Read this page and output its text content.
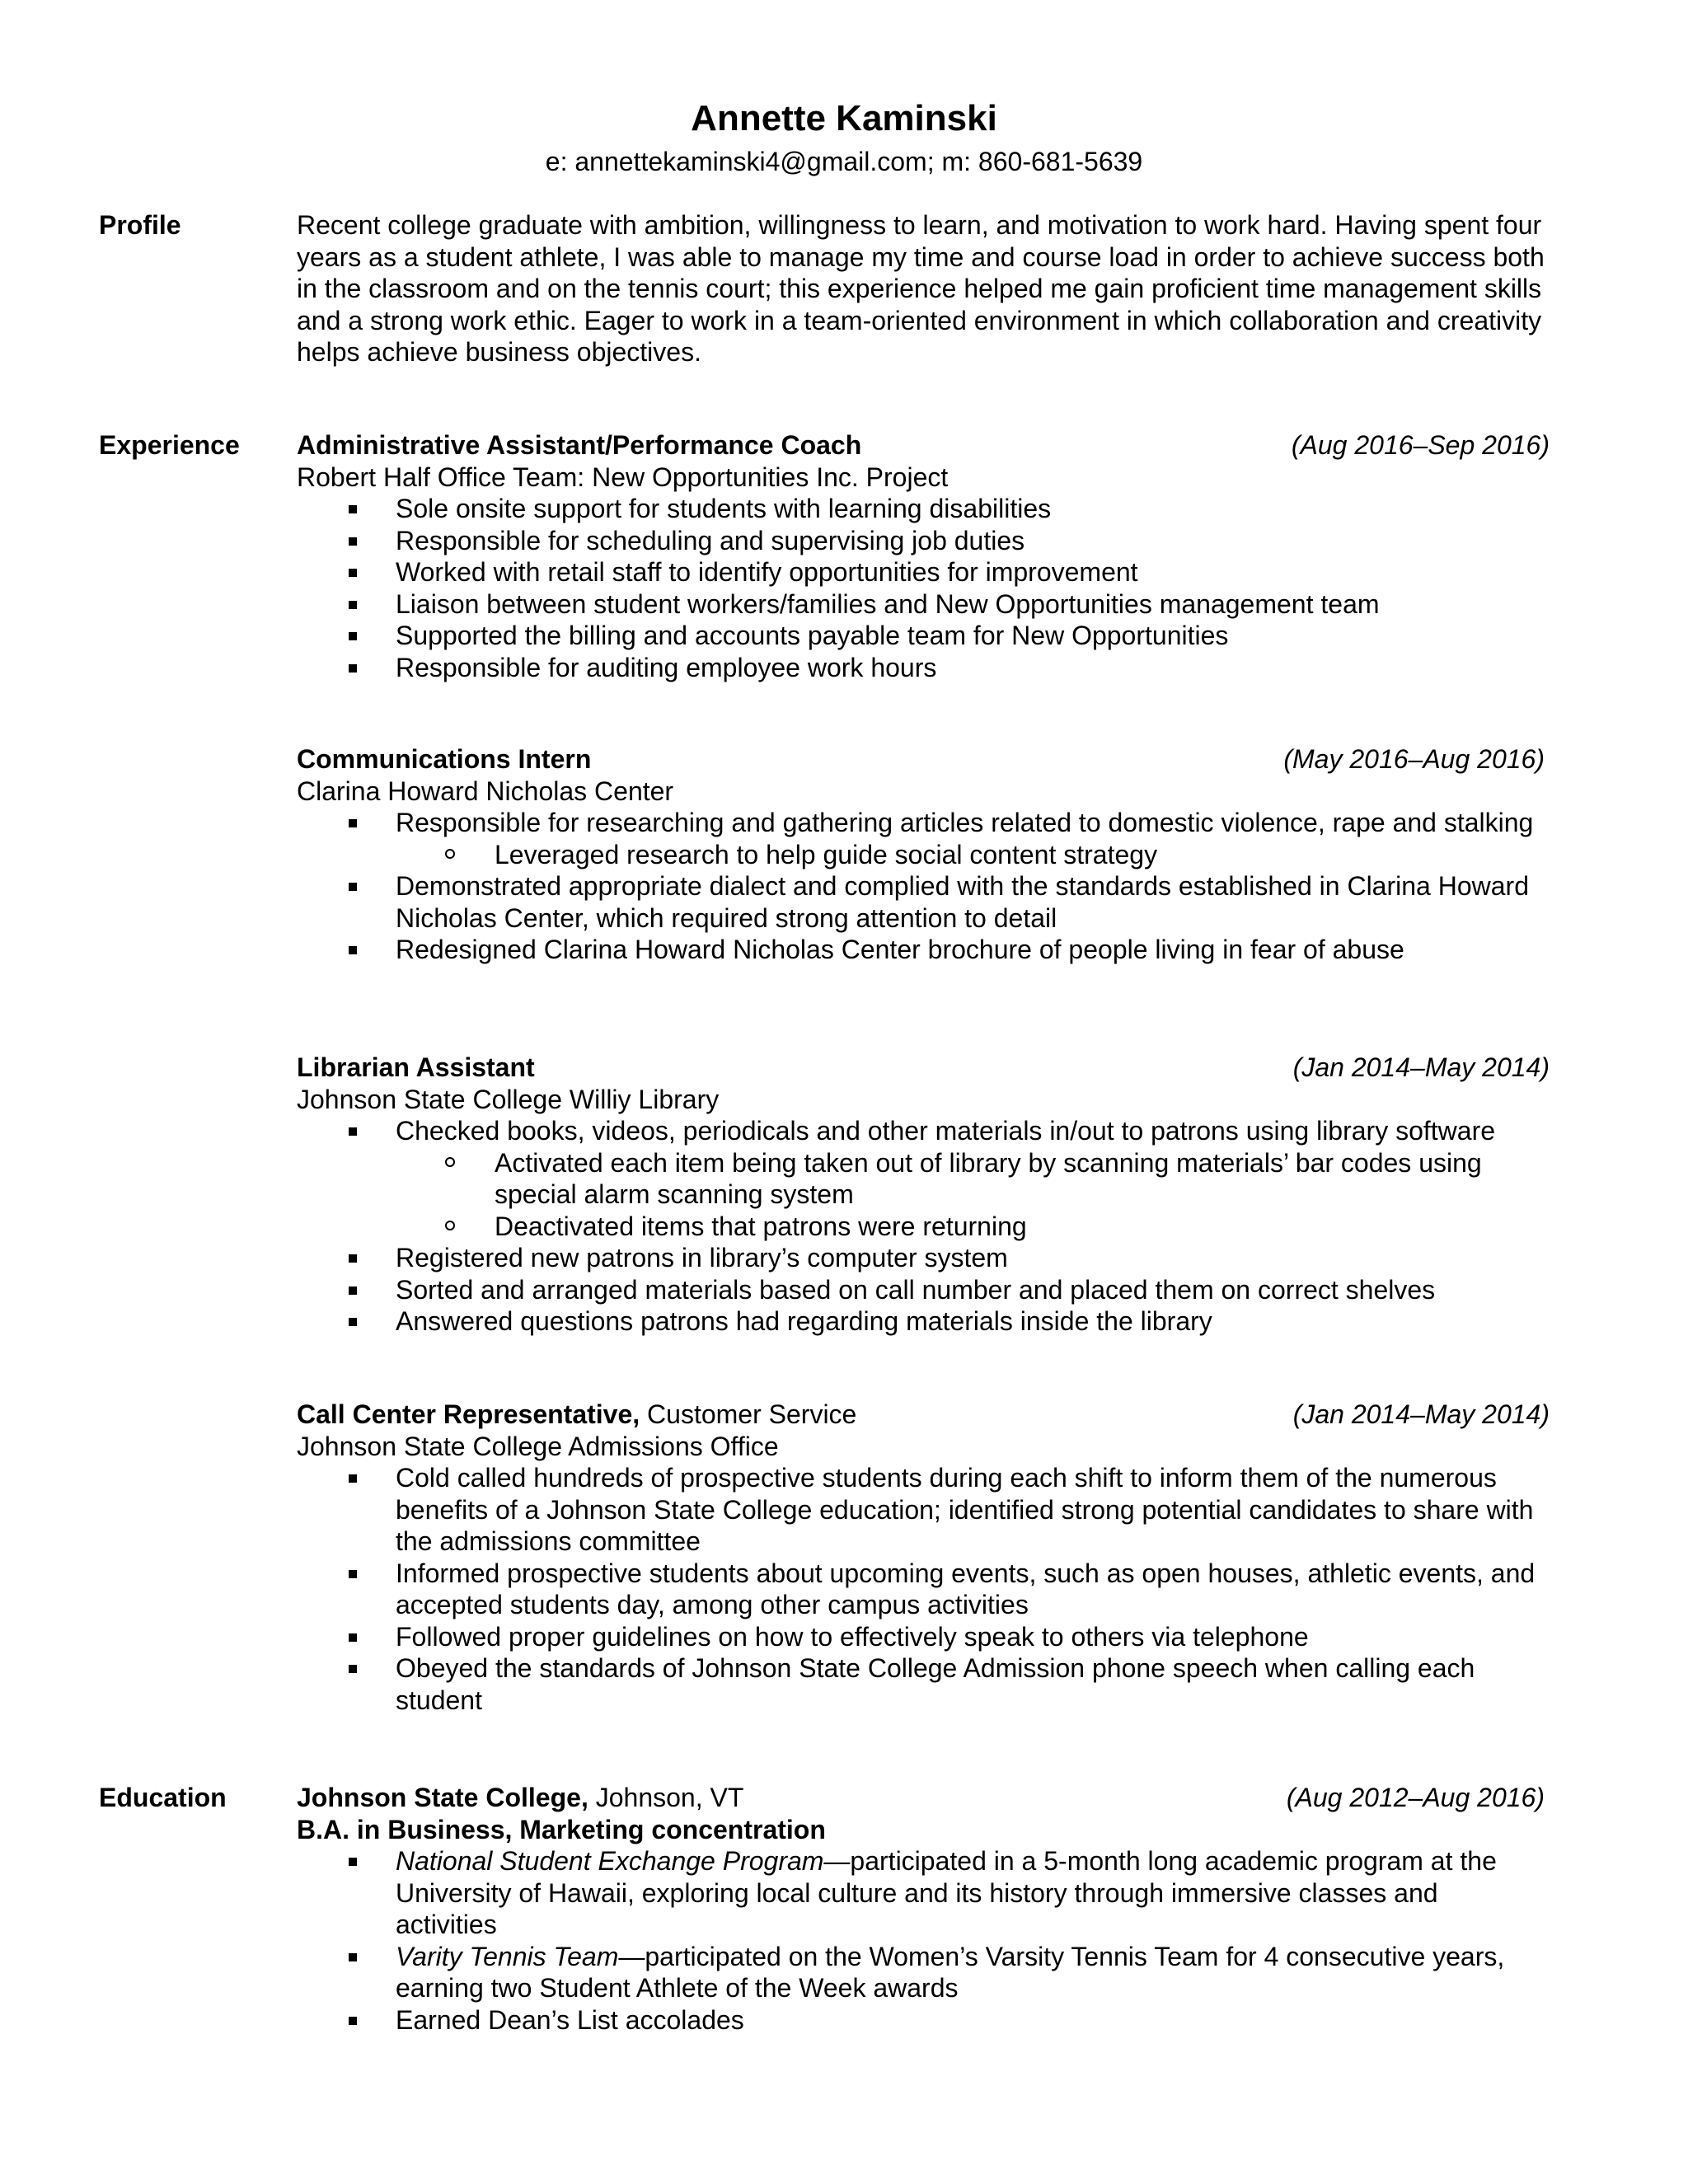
Annette Kaminski
e: annettekaminski4@gmail.com; m: 860-681-5639
Profile	Recent college graduate with ambition, willingness to learn, and motivation to work hard. Having spent four years as a student athlete, I was able to manage my time and course load in order to achieve success both in the classroom and on the tennis court; this experience helped me gain proficient time management skills and a strong work ethic. Eager to work in a team-oriented environment in which collaboration and creativity helps achieve business objectives.

Experience Administrative Assistant/Performance Coach	(Aug 2016–Sep 2016)
Robert Half Office Team: New Opportunities Inc. Project
Sole onsite support for students with learning disabilities
Responsible for scheduling and supervising job duties
Worked with retail staff to identify opportunities for improvement
Liaison between student workers/families and New Opportunities management team
Supported the billing and accounts payable team for New Opportunities
Responsible for auditing employee work hours
Communications Intern	(May 2016–Aug 2016)
Clarina Howard Nicholas Center
Responsible for researching and gathering articles related to domestic violence, rape and stalking
Leveraged research to help guide social content strategy
Demonstrated appropriate dialect and complied with the standards established in Clarina Howard Nicholas Center, which required strong attention to detail
Redesigned Clarina Howard Nicholas Center brochure of people living in fear of abuse
Librarian Assistant	(Jan 2014–May 2014)
Johnson State College Williy Library
Checked books, videos, periodicals and other materials in/out to patrons using library software
Activated each item being taken out of library by scanning materials’ bar codes using special alarm scanning system
Deactivated items that patrons were returning
Registered new patrons in library’s computer system
Sorted and arranged materials based on call number and placed them on correct shelves
Answered questions patrons had regarding materials inside the library
Call Center Representative, Customer Service	(Jan 2014–May 2014)
Johnson State College Admissions Office
Cold called hundreds of prospective students during each shift to inform them of the numerous benefits of a Johnson State College education; identified strong potential candidates to share with the admissions committee
Informed prospective students about upcoming events, such as open houses, athletic events, and accepted students day, among other campus activities
Followed proper guidelines on how to effectively speak to others via telephone
Obeyed the standards of Johnson State College Admission phone speech when calling each student
Education	Johnson State College, Johnson, VT	(Aug 2012–Aug 2016)
B.A. in Business, Marketing concentration
National Student Exchange Program—participated in a 5-month long academic program at the University of Hawaii, exploring local culture and its history through immersive classes and activities
Varity Tennis Team—participated on the Women’s Varsity Tennis Team for 4 consecutive years, earning two Student Athlete of the Week awards
Earned Dean’s List accolades
